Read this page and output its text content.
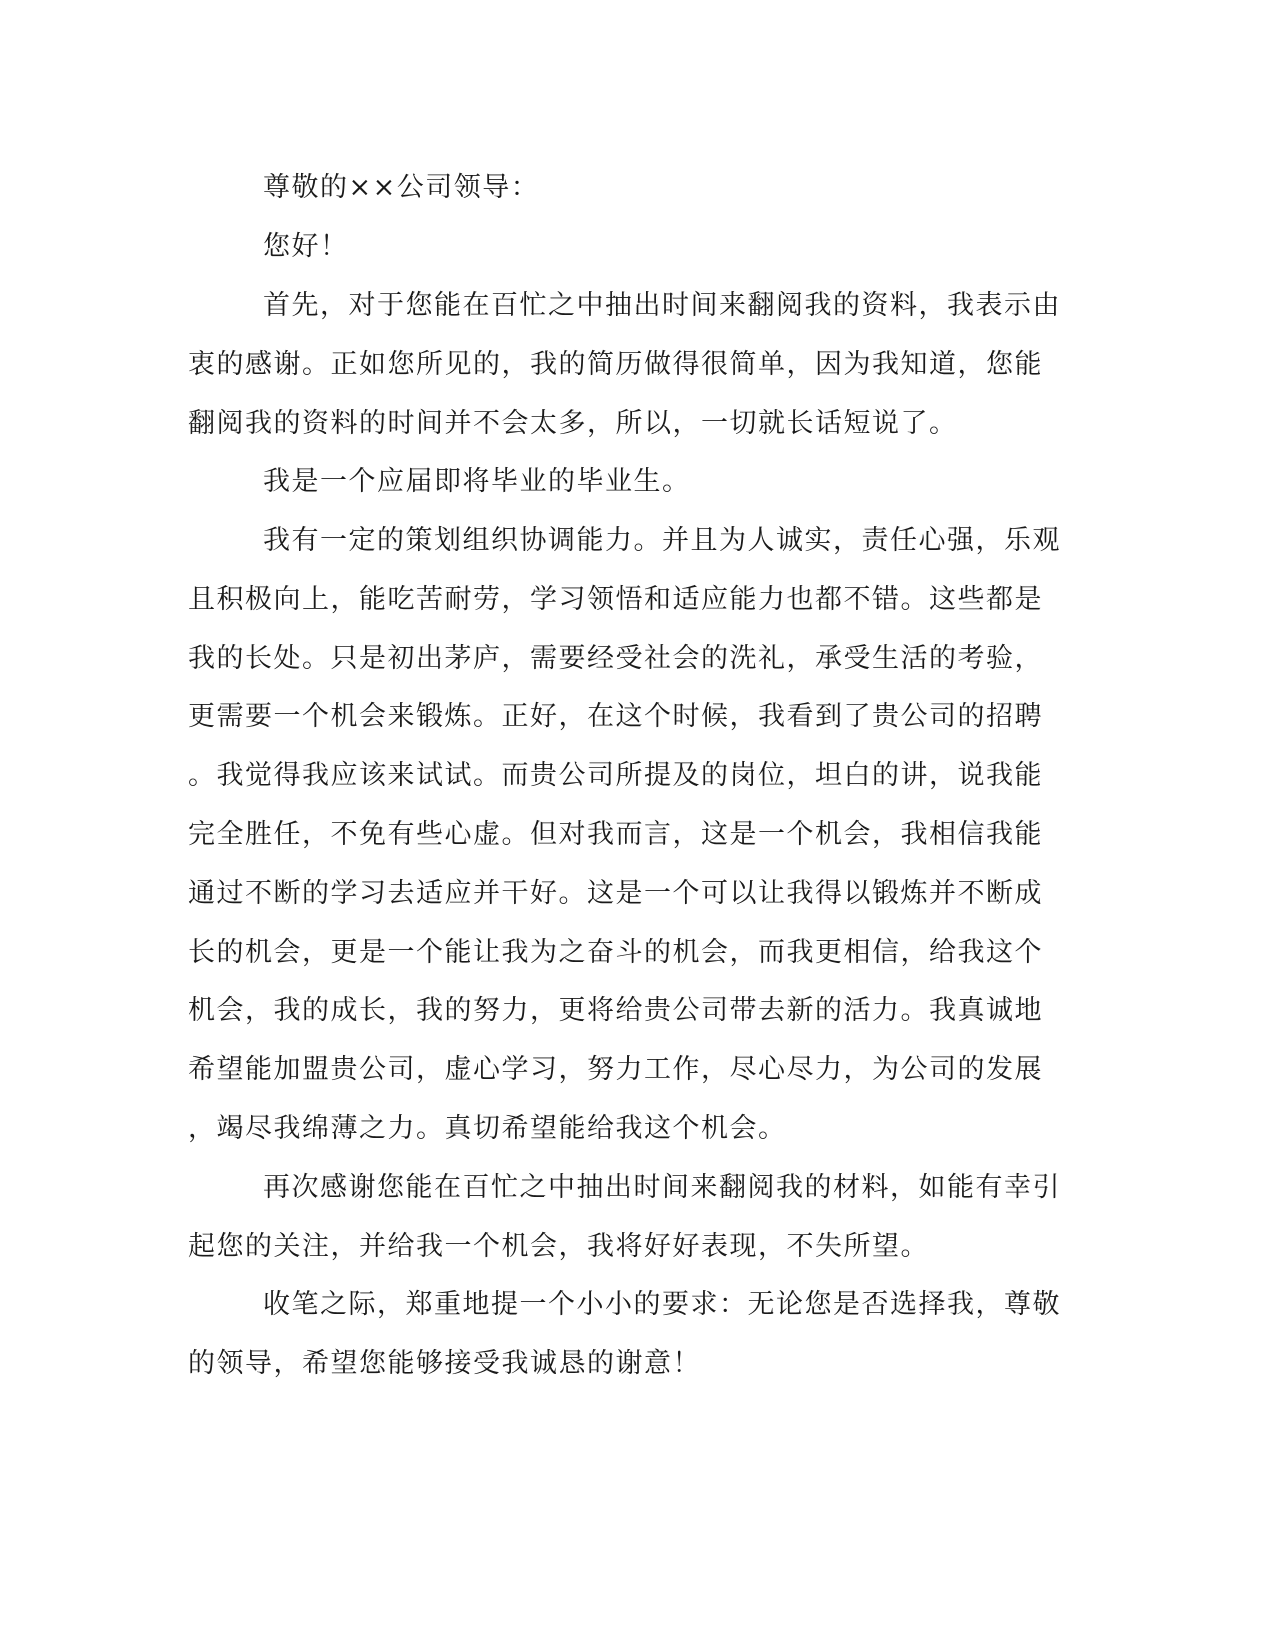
尊敬的××公司领导：
您好！
首先，对于您能在百忙之中抽出时间来翻阅我的资料，我表示由
衷的感谢。正如您所见的，我的简历做得很简单，因为我知道，您能
翻阅我的资料的时间并不会太多，所以，一切就长话短说了。
我是一个应届即将毕业的毕业生。
我有一定的策划组织协调能力。并且为人诚实，责任心强，乐观
且积极向上，能吃苦耐劳，学习领悟和适应能力也都不错。这些都是
我的长处。只是初出茅庐，需要经受社会的洗礼，承受生活的考验，
更需要一个机会来锻炼。正好，在这个时候，我看到了贵公司的招聘
。我觉得我应该来试试。而贵公司所提及的岗位，坦白的讲，说我能
完全胜任，不免有些心虚。但对我而言，这是一个机会，我相信我能
通过不断的学习去适应并干好。这是一个可以让我得以锻炼并不断成
长的机会，更是一个能让我为之奋斗的机会，而我更相信，给我这个
机会，我的成长，我的努力，更将给贵公司带去新的活力。我真诚地
希望能加盟贵公司，虚心学习，努力工作，尽心尽力，为公司的发展
，竭尽我绵薄之力。真切希望能给我这个机会。
再次感谢您能在百忙之中抽出时间来翻阅我的材料，如能有幸引
起您的关注，并给我一个机会，我将好好表现，不失所望。
收笔之际，郑重地提一个小小的要求：无论您是否选择我，尊敬
的领导，希望您能够接受我诚恳的谢意！
